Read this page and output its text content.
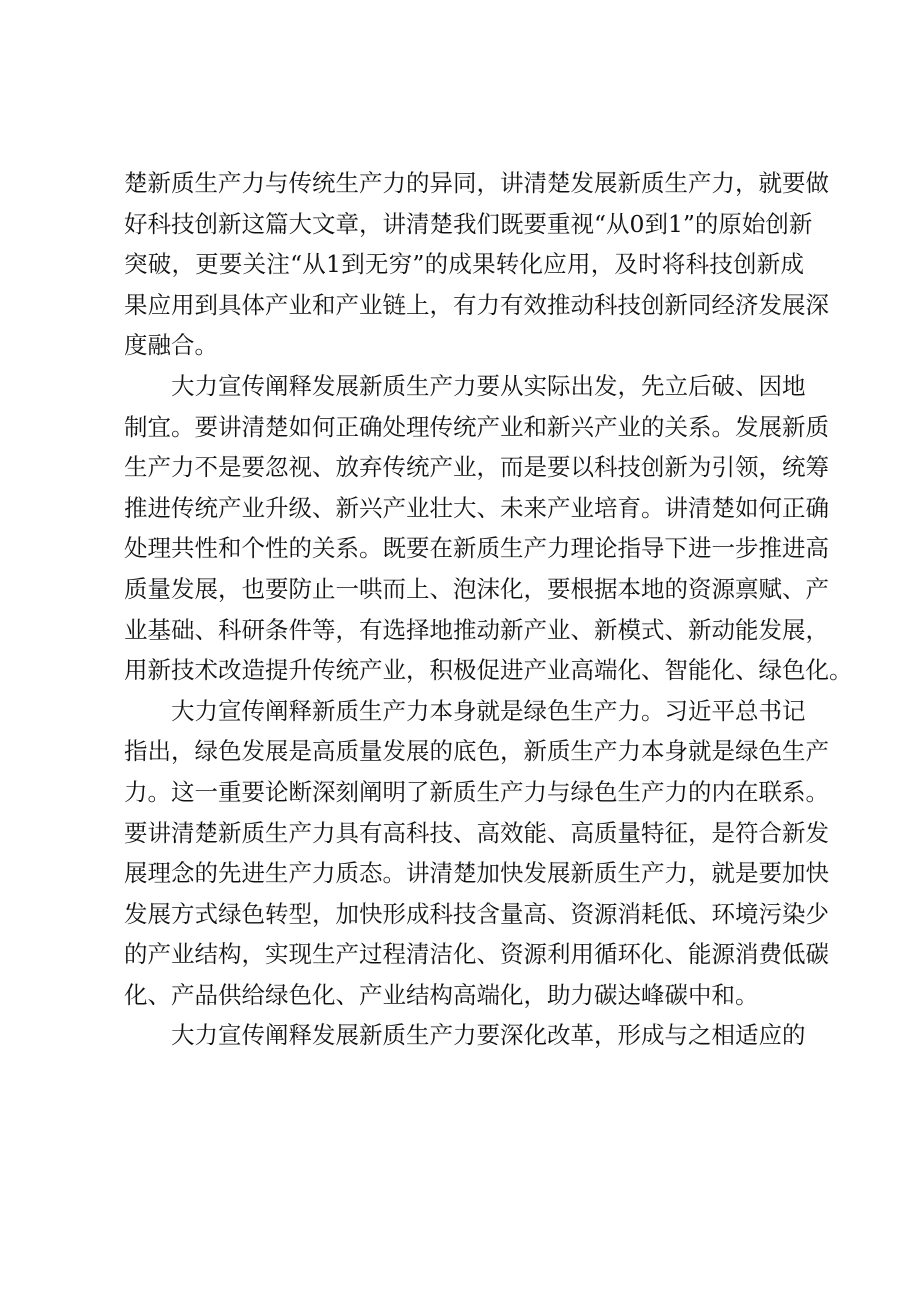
楚新质生产力与传统生产力的异同，讲清楚发展新质生产力，就要做
好科技创新这篇大文章，讲清楚我们既要重视“从0到1”的原始创新
突破，更要关注“从1到无穷”的成果转化应用，及时将科技创新成
果应用到具体产业和产业链上，有力有效推动科技创新同经济发展深
度融合。
大力宣传阐释发展新质生产力要从实际出发，先立后破、因地
制宜。要讲清楚如何正确处理传统产业和新兴产业的关系。发展新质
生产力不是要忽视、放弃传统产业，而是要以科技创新为引领，统筹
推进传统产业升级、新兴产业壮大、未来产业培育。讲清楚如何正确
处理共性和个性的关系。既要在新质生产力理论指导下进一步推进高
质量发展，也要防止一哄而上、泡沫化，要根据本地的资源禀赋、产
业基础、科研条件等，有选择地推动新产业、新模式、新动能发展，
用新技术改造提升传统产业，积极促进产业高端化、智能化、绿色化。
大力宣传阐释新质生产力本身就是绿色生产力。习近平总书记
指出，绿色发展是高质量发展的底色，新质生产力本身就是绿色生产
力。这一重要论断深刻阐明了新质生产力与绿色生产力的内在联系。
要讲清楚新质生产力具有高科技、高效能、高质量特征，是符合新发
展理念的先进生产力质态。讲清楚加快发展新质生产力，就是要加快
发展方式绿色转型，加快形成科技含量高、资源消耗低、环境污染少
的产业结构，实现生产过程清洁化、资源利用循环化、能源消费低碳
化、产品供给绿色化、产业结构高端化，助力碳达峰碳中和。
大力宣传阐释发展新质生产力要深化改革，形成与之相适应的
